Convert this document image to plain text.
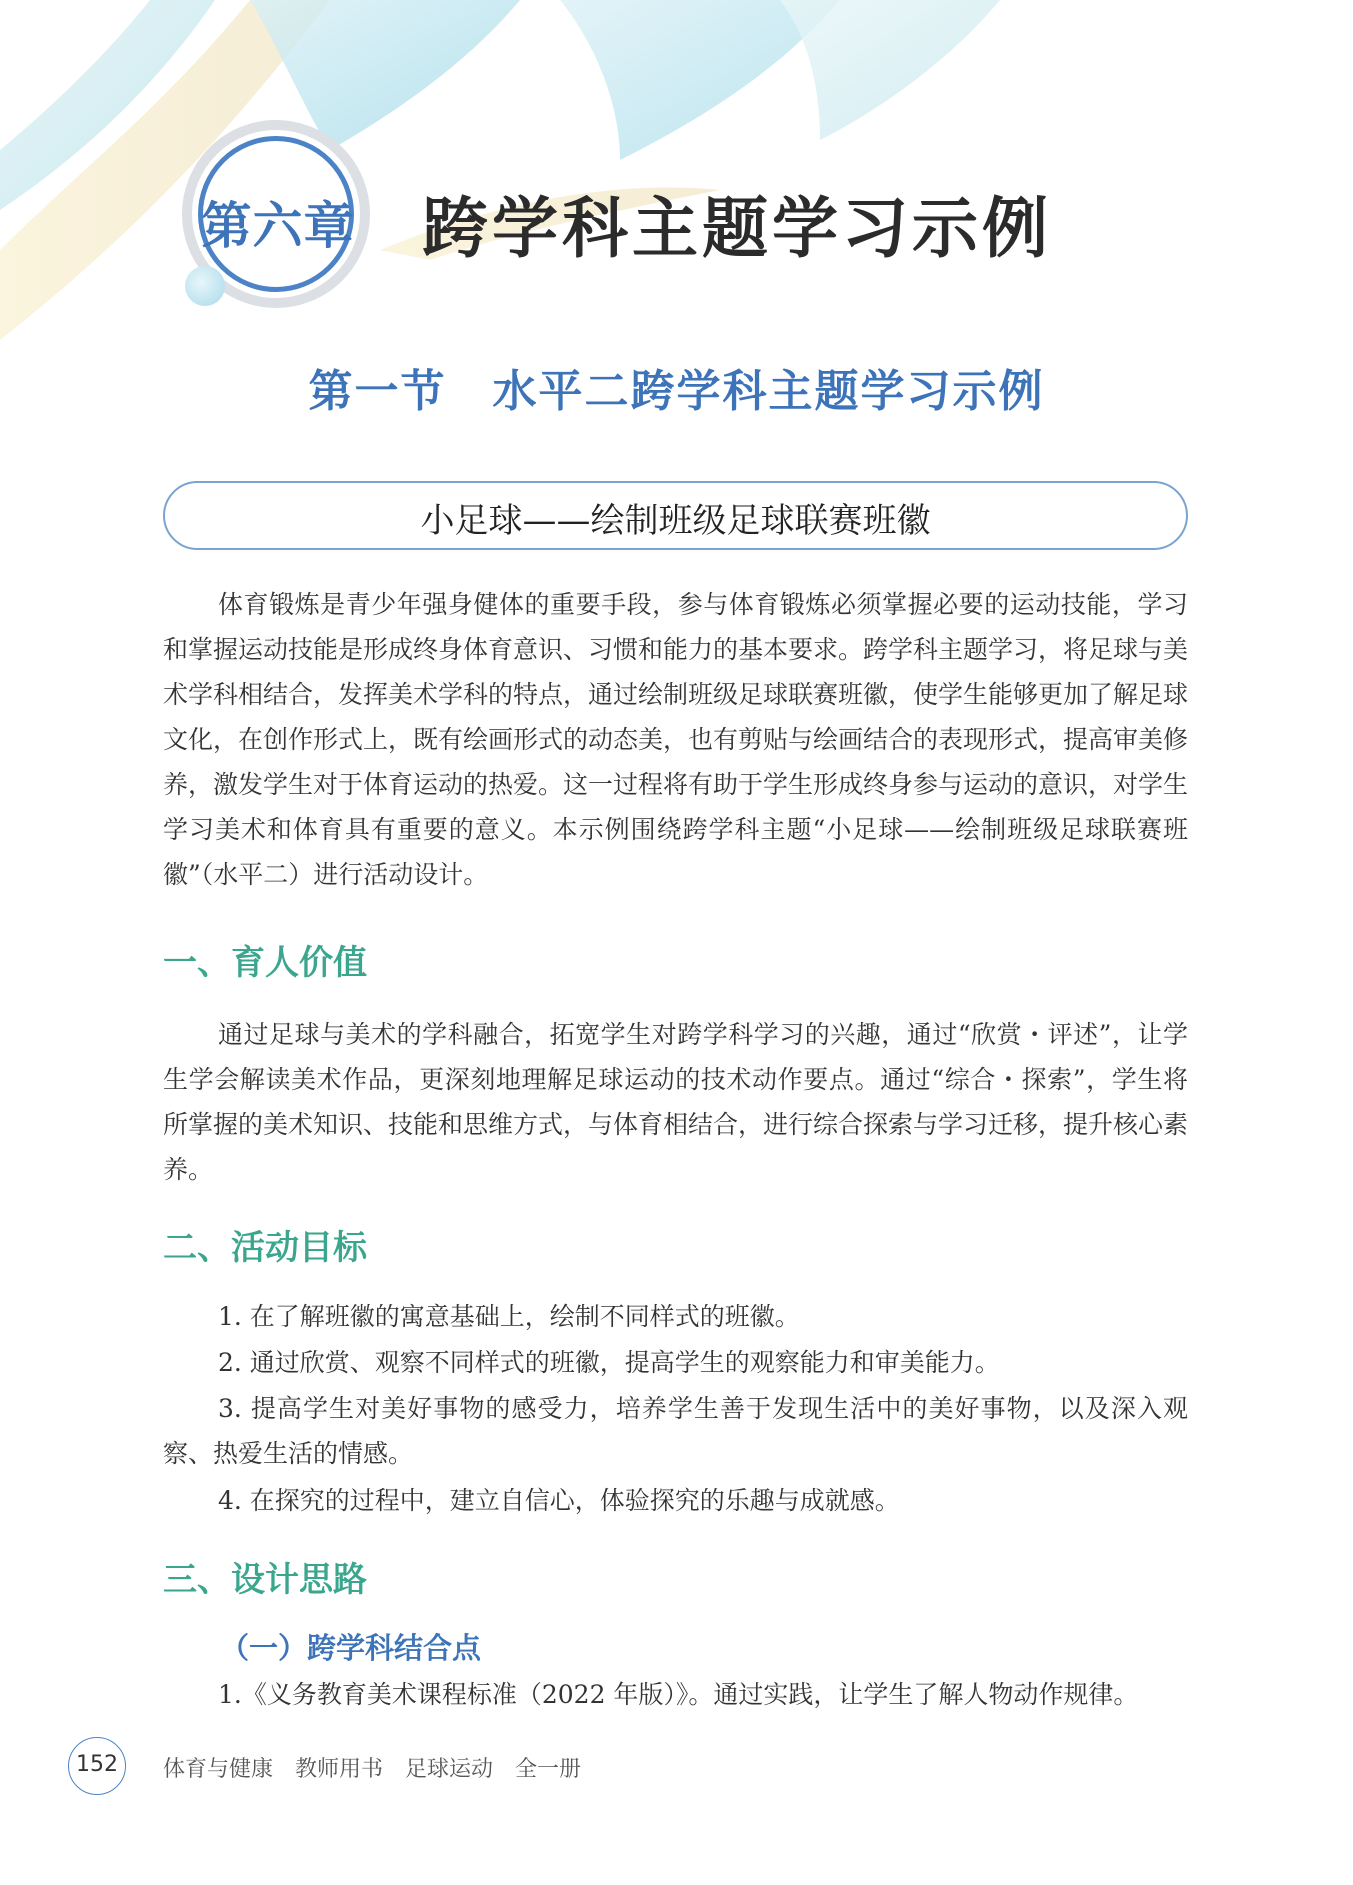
第六章	跨学科主题学习示例
第一节　水平二跨学科主题学习示例
小足球——绘制班级足球联赛班徽

体育锻炼是青少年强身健体的重要手段，参与体育锻炼必须掌握必要的运动技能，学习和掌握运动技能是形成终身体育意识、习惯和能力的基本要求。跨学科主题学习，将足球与美术学科相结合，发挥美术学科的特点，通过绘制班级足球联赛班徽，使学生能够更加了解足球文化，在创作形式上，既有绘画形式的动态美，也有剪贴与绘画结合的表现形式，提高审美修养，激发学生对于体育运动的热爱。这一过程将有助于学生形成终身参与运动的意识，对学生学习美术和体育具有重要的意义。本示例围绕跨学科主题“小足球——绘制班级足球联赛班徽”（水平二）进行活动设计。

一、育人价值

通过足球与美术的学科融合，拓宽学生对跨学科学习的兴趣，通过“欣赏・评述”，让学生学会解读美术作品，更深刻地理解足球运动的技术动作要点。通过“综合・探索”，学生将所掌握的美术知识、技能和思维方式，与体育相结合，进行综合探索与学习迁移，提升核心素养。

二、活动目标

1. 在了解班徽的寓意基础上，绘制不同样式的班徽。

2. 通过欣赏、观察不同样式的班徽，提高学生的观察能力和审美能力。

3. 提高学生对美好事物的感受力，培养学生善于发现生活中的美好事物，以及深入观察、热爱生活的情感。

4. 在探究的过程中，建立自信心，体验探究的乐趣与成就感。

三、设计思路
（一）跨学科结合点

1.《义务教育美术课程标准（2022 年版）》。通过实践，让学生了解人物动作规律。

152	体育与健康　教师用书　足球运动　全一册
